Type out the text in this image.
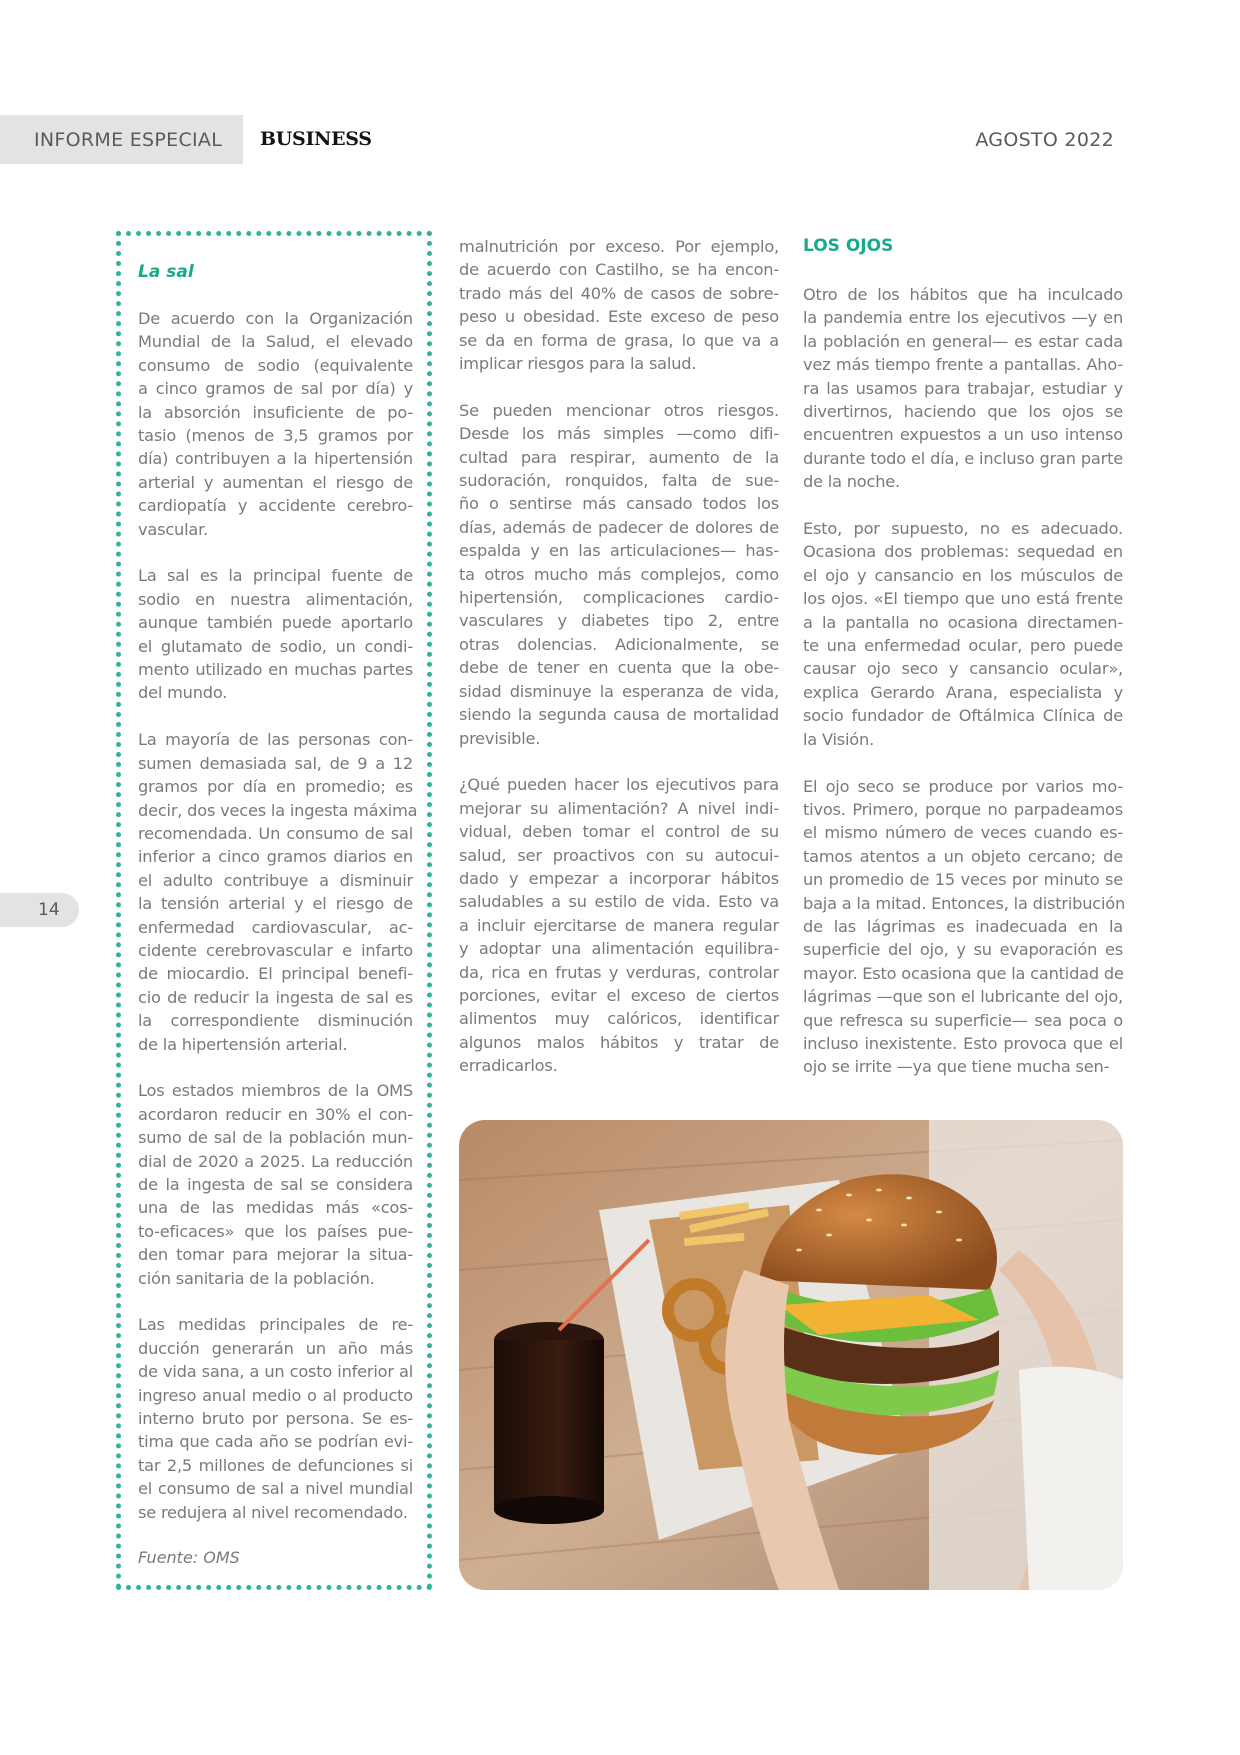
INFORME ESPECIAL BUSINESS	AGOSTO 2022
14
La sal
De acuerdo con la Organización
Mundial de la Salud, el elevado
consumo de sodio (equivalente
a cinco gramos de sal por día) y
la absorción insuficiente de po-
tasio (menos de 3,5 gramos por
día) contribuyen a la hipertensión
arterial y aumentan el riesgo de
cardiopatía y accidente cerebro-
vascular.
La sal es la principal fuente de
sodio en nuestra alimentación,
aunque también puede aportarlo
el glutamato de sodio, un condi-
mento utilizado en muchas partes
del mundo.
La mayoría de las personas con-
sumen demasiada sal, de 9 a 12
gramos por día en promedio; es
decir, dos veces la ingesta máxima
recomendada. Un consumo de sal
inferior a cinco gramos diarios en
el adulto contribuye a disminuir
la tensión arterial y el riesgo de
enfermedad cardiovascular, ac-
cidente cerebrovascular e infarto
de miocardio. El principal benefi-
cio de reducir la ingesta de sal es
la correspondiente disminución
de la hipertensión arterial.
Los estados miembros de la OMS
acordaron reducir en 30% el con-
sumo de sal de la población mun-
dial de 2020 a 2025. La reducción
de la ingesta de sal se considera
una de las medidas más «cos-
to-eficaces» que los países pue-
den tomar para mejorar la situa-
ción sanitaria de la población.
Las medidas principales de re-
ducción generarán un año más
de vida sana, a un costo inferior al
ingreso anual medio o al producto
interno bruto por persona. Se es-
tima que cada año se podrían evi-
tar 2,5 millones de defunciones si
el consumo de sal a nivel mundial
se redujera al nivel recomendado.
Fuente: OMS
malnutrición por exceso. Por ejemplo,
de acuerdo con Castilho, se ha encon-
trado más del 40% de casos de sobre-
peso u obesidad. Este exceso de peso
se da en forma de grasa, lo que va a
implicar riesgos para la salud.
Se pueden mencionar otros riesgos.
Desde los más simples —como difi-
cultad para respirar, aumento de la
sudoración, ronquidos, falta de sue-
ño o sentirse más cansado todos los
días, además de padecer de dolores de
espalda y en las articulaciones— has-
ta otros mucho más complejos, como
hipertensión, complicaciones cardio-
vasculares y diabetes tipo 2, entre
otras dolencias. Adicionalmente, se
debe de tener en cuenta que la obe-
sidad disminuye la esperanza de vida,
siendo la segunda causa de mortalidad
previsible.
¿Qué pueden hacer los ejecutivos para
mejorar su alimentación? A nivel indi-
vidual, deben tomar el control de su
salud, ser proactivos con su autocui-
dado y empezar a incorporar hábitos
saludables a su estilo de vida. Esto va
a incluir ejercitarse de manera regular
y adoptar una alimentación equilibra-
da, rica en frutas y verduras, controlar
porciones, evitar el exceso de ciertos
alimentos muy calóricos, identificar
algunos malos hábitos y tratar de
erradicarlos.
LOS OJOS
Otro de los hábitos que ha inculcado
la pandemia entre los ejecutivos —y en
la población en general— es estar cada
vez más tiempo frente a pantallas. Aho-
ra las usamos para trabajar, estudiar y
divertirnos, haciendo que los ojos se
encuentren expuestos a un uso intenso
durante todo el día, e incluso gran parte
de la noche.
Esto, por supuesto, no es adecuado.
Ocasiona dos problemas: sequedad en
el ojo y cansancio en los músculos de
los ojos. «El tiempo que uno está frente
a la pantalla no ocasiona directamen-
te una enfermedad ocular, pero puede
causar ojo seco y cansancio ocular»,
explica Gerardo Arana, especialista y
socio fundador de Oftálmica Clínica de
la Visión.
El ojo seco se produce por varios mo-
tivos. Primero, porque no parpadeamos
el mismo número de veces cuando es-
tamos atentos a un objeto cercano; de
un promedio de 15 veces por minuto se
baja a la mitad. Entonces, la distribución
de las lágrimas es inadecuada en la
superficie del ojo, y su evaporación es
mayor. Esto ocasiona que la cantidad de
lágrimas —que son el lubricante del ojo,
que refresca su superficie— sea poca o
incluso inexistente. Esto provoca que el
ojo se irrite —ya que tiene mucha sen-
